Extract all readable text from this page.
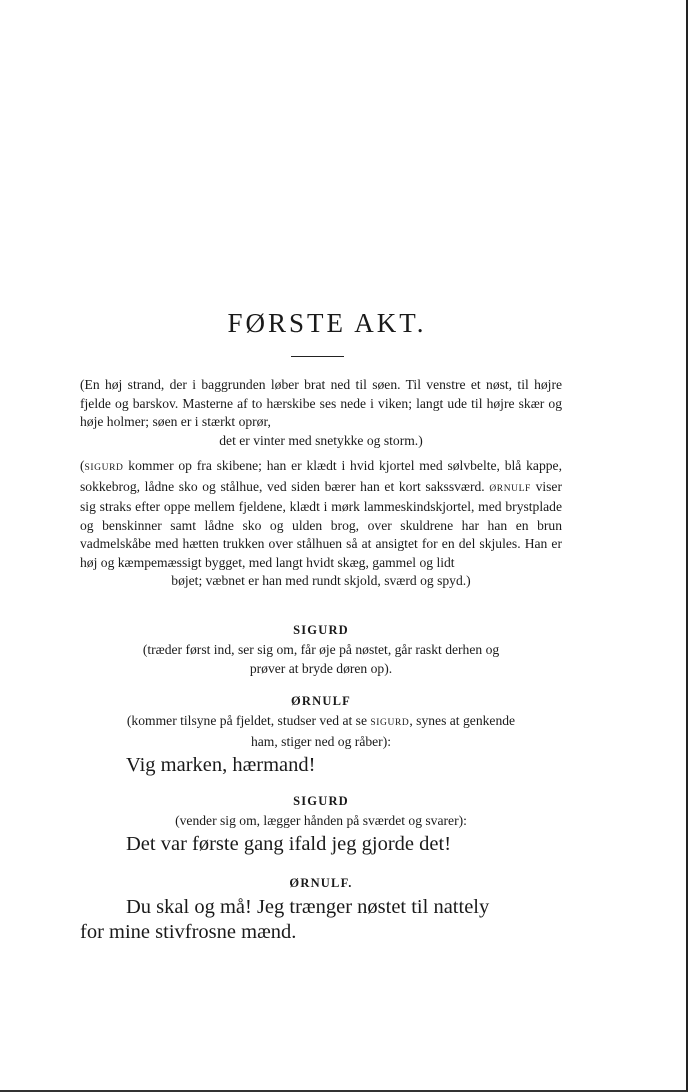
FØRSTE AKT.

(En høj strand, der i baggrunden løber brat ned til søen. Til venstre et nøst, til højre fjelde og barskov. Masterne af to hærskibe ses nede i viken; langt ude til højre skær og høje holmer; søen er i stærkt oprør,
det er vinter med snetykke og storm.)

(SIGURD kommer op fra skibene; han er klædt i hvid kjortel med sølvbelte, blå kappe, sokkebrog, lådne sko og stålhue, ved siden bærer han et kort sakssværd. ØRNULF viser sig straks efter oppe mellem fjeldene, klædt i mørk lammeskindskjortel, med brystplade og benskinner samt lådne sko og ulden brog, over skuldrene har han en brun vadmelskåbe med hætten trukken over stålhuen så at ansigtet for en del skjules. Han er høj og kæmpemæssigt bygget, med langt hvidt skæg, gammel og lidt
bøjet; væbnet er han med rundt skjold, sværd og spyd.)

SIGURD

(træder først ind, ser sig om, får øje på nøstet, går raskt derhen og
prøver at bryde døren op).

ØRNULF

(kommer tilsyne på fjeldet, studser ved at se SIGURD, synes at genkende
ham, stiger ned og råber):

Vig marken, hærmand!

SIGURD

(vender sig om, lægger hånden på sværdet og svarer):

Det var første gang ifald jeg gjorde det!

ØRNULF.

Du skal og må! Jeg trænger nøstet til nattely

for mine stivfrosne mænd.
